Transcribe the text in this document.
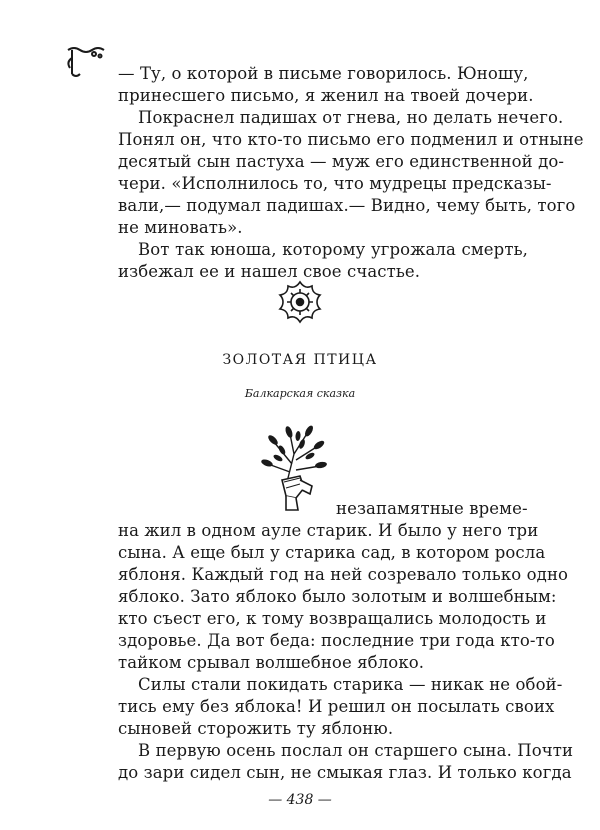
— Ту, о которой в письме говорилось. Юношу,
принесшего письмо, я женил на твоей дочери.
Покраснел падишах от гнева, но делать нечего.
Понял он, что кто-то письмо его подменил и отныне
десятый сын пастуха — муж его единственной до-
чери. «Исполнилось то, что мудрецы предсказы-
вали,— подумал падишах.— Видно, чему быть, того
не миновать».
Вот так юноша, которому угрожала смерть,
избежал ее и нашел свое счастье.
ЗОЛОТАЯ ПТИЦА
Балкарская сказка
незапамятные време-
на жил в одном ауле старик. И было у него три
сына. А еще был у старика сад, в котором росла
яблоня. Каждый год на ней созревало только одно
яблоко. Зато яблоко было золотым и волшебным:
кто съест его, к тому возвращались молодость и
здоровье. Да вот беда: последние три года кто-то
тайком срывал волшебное яблоко.
Силы стали покидать старика — никак не обой-
тись ему без яблока! И решил он посылать своих
сыновей сторожить ту яблоню.
В первую осень послал он старшего сына. Почти
до зари сидел сын, не смыкая глаз. И только когда
— 438 —
